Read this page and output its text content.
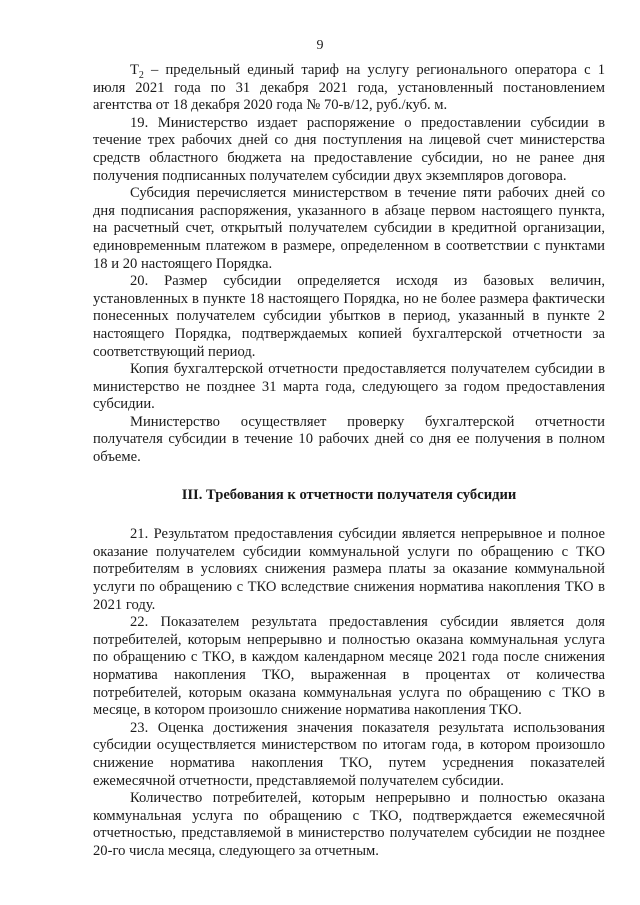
9

$T_2$ – предельный единый тариф на услугу регионального оператора с 1 июля 2021 года по 31 декабря 2021 года, установленный постановлением агентства от 18 декабря 2020 года № 70-в/12, руб./куб. м.

19. Министерство издает распоряжение о предоставлении субсидии в течение трех рабочих дней со дня поступления на лицевой счет министерства средств областного бюджета на предоставление субсидии, но не ранее дня получения подписанных получателем субсидии двух экземпляров договора.

Субсидия перечисляется министерством в течение пяти рабочих дней со дня подписания распоряжения, указанного в абзаце первом настоящего пункта, на расчетный счет, открытый получателем субсидии в кредитной организации, единовременным платежом в размере, определенном в соответствии с пунктами 18 и 20 настоящего Порядка.

20. Размер субсидии определяется исходя из базовых величин, установленных в пункте 18 настоящего Порядка, но не более размера фактически понесенных получателем субсидии убытков в период, указанный в пункте 2 настоящего Порядка, подтверждаемых копией бухгалтерской отчетности за соответствующий период.

Копия бухгалтерской отчетности предоставляется получателем субсидии в министерство не позднее 31 марта года, следующего за годом предоставления субсидии.

Министерство осуществляет проверку бухгалтерской отчетности получателя субсидии в течение 10 рабочих дней со дня ее получения в полном объеме.

III. Требования к отчетности получателя субсидии

21. Результатом предоставления субсидии является непрерывное и полное оказание получателем субсидии коммунальной услуги по обращению с ТКО потребителям в условиях снижения размера платы за оказание коммунальной услуги по обращению с ТКО вследствие снижения норматива накопления ТКО в 2021 году.

22. Показателем результата предоставления субсидии является доля потребителей, которым непрерывно и полностью оказана коммунальная услуга по обращению с ТКО, в каждом календарном месяце 2021 года после снижения норматива накопления ТКО, выраженная в процентах от количества потребителей, которым оказана коммунальная услуга по обращению с ТКО в месяце, в котором произошло снижение норматива накопления ТКО.

23. Оценка достижения значения показателя результата использования субсидии осуществляется министерством по итогам года, в котором произошло снижение норматива накопления ТКО, путем усреднения показателей ежемесячной отчетности, представляемой получателем субсидии.

Количество потребителей, которым непрерывно и полностью оказана коммунальная услуга по обращению с ТКО, подтверждается ежемесячной отчетностью, представляемой в министерство получателем субсидии не позднее 20-го числа месяца, следующего за отчетным.
